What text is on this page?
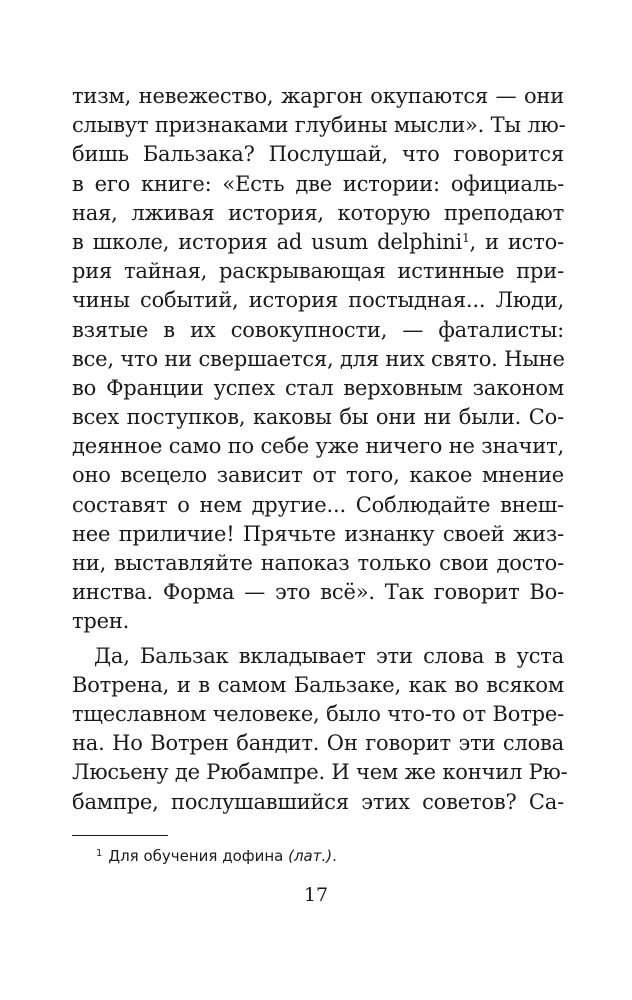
тизм, невежество, жаргон окупаются — они
слывут признаками глубины мысли». Ты лю-
бишь Бальзака? Послушай, что говорится
в его книге: «Есть две истории: официаль-
ная, лживая история, которую преподают
в школе, история ad usum delphini$^1$, и исто-
рия тайная, раскрывающая истинные при-
чины событий, история постыдная... Люди,
взятые в их совокупности, — фаталисты:
все, что ни свершается, для них свято. Ныне
во Франции успех стал верховным законом
всех поступков, каковы бы они ни были. Со-
деянное само по себе уже ничего не значит,
оно всецело зависит от того, какое мнение
составят о нем другие... Соблюдайте внеш-
нее приличие! Прячьте изнанку своей жиз-
ни, выставляйте напоказ только свои досто-
инства. Форма — это всё». Так говорит Во-
трен.
Да, Бальзак вкладывает эти слова в уста
Вотрена, и в самом Бальзаке, как во всяком
тщеславном человеке, было что-то от Вотре-
на. Но Вотрен бандит. Он говорит эти слова
Люсьену де Рюбампре. И чем же кончил Рю-
бампре, послушавшийся этих советов? Са-
$^1$ Для обучения дофина (лат.).
17
